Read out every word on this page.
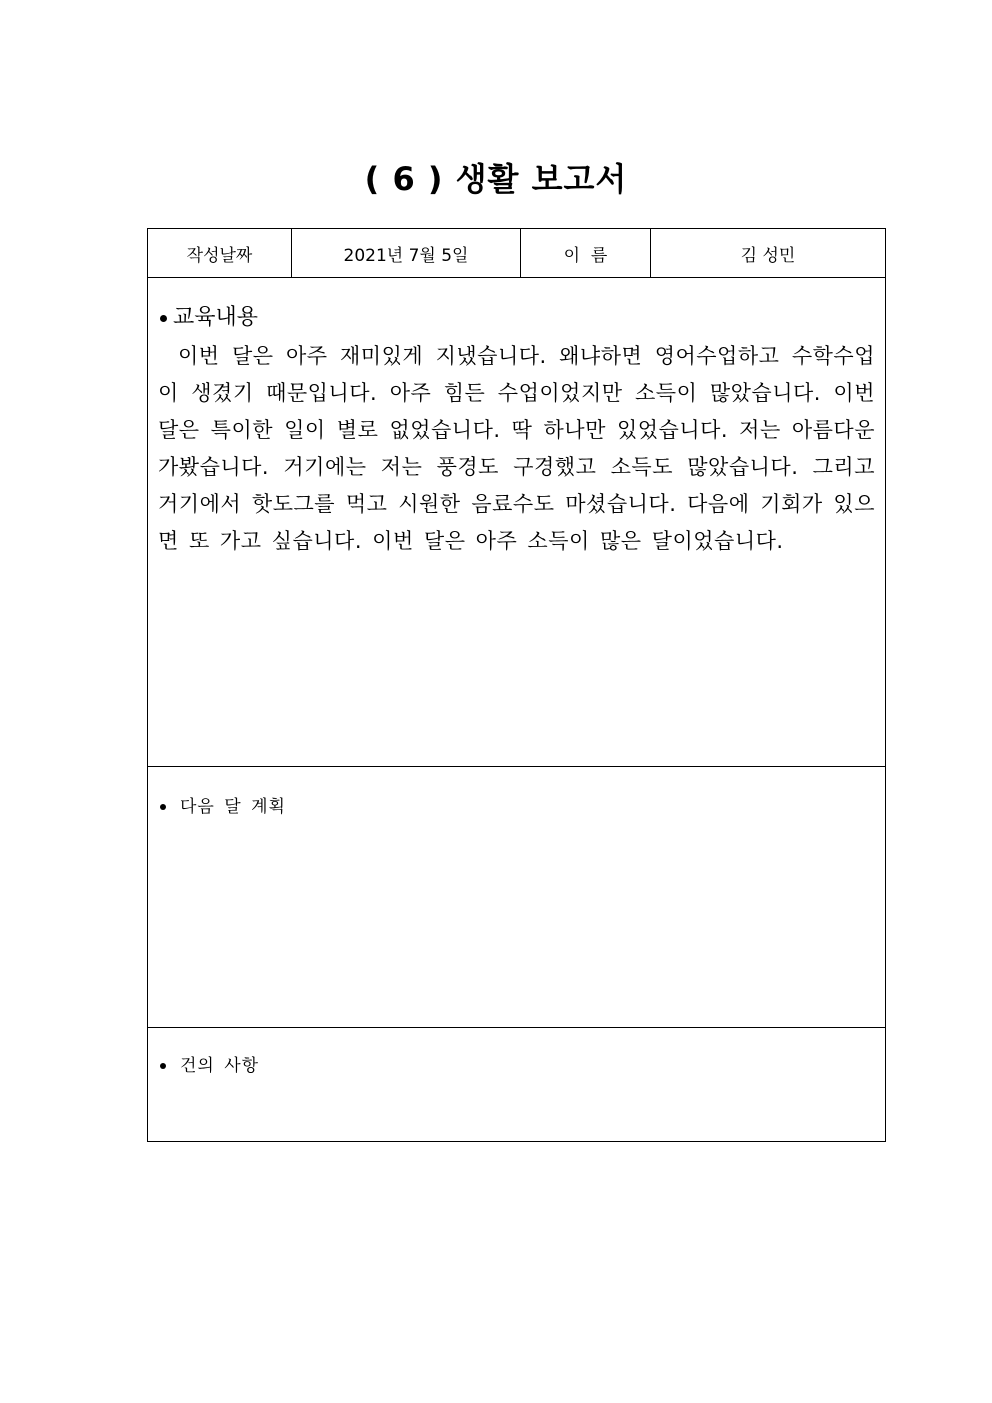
( 6 ) 생활 보고서
작성날짜	2021년 7월 5일	이  름	김 성민

교육내용
이번 달은 아주 재미있게 지냈습니다. 왜냐하면 영어수업하고 수학수업이 생겼기 때문입니다. 아주 힘든 수업이었지만 소득이 많았습니다. 이번 달은 특이한 일이 별로 없었습니다. 딱 하나만 있었습니다. 저는 아름다운 가봤습니다. 거기에는 저는 풍경도 구경했고 소득도 많았습니다. 그리고 거기에서 핫도그를 먹고 시원한 음료수도 마셨습니다. 다음에 기회가 있으면 또 가고 싶습니다. 이번 달은 아주 소득이 많은 달이었습니다.

다음 달 계획

건의 사항
